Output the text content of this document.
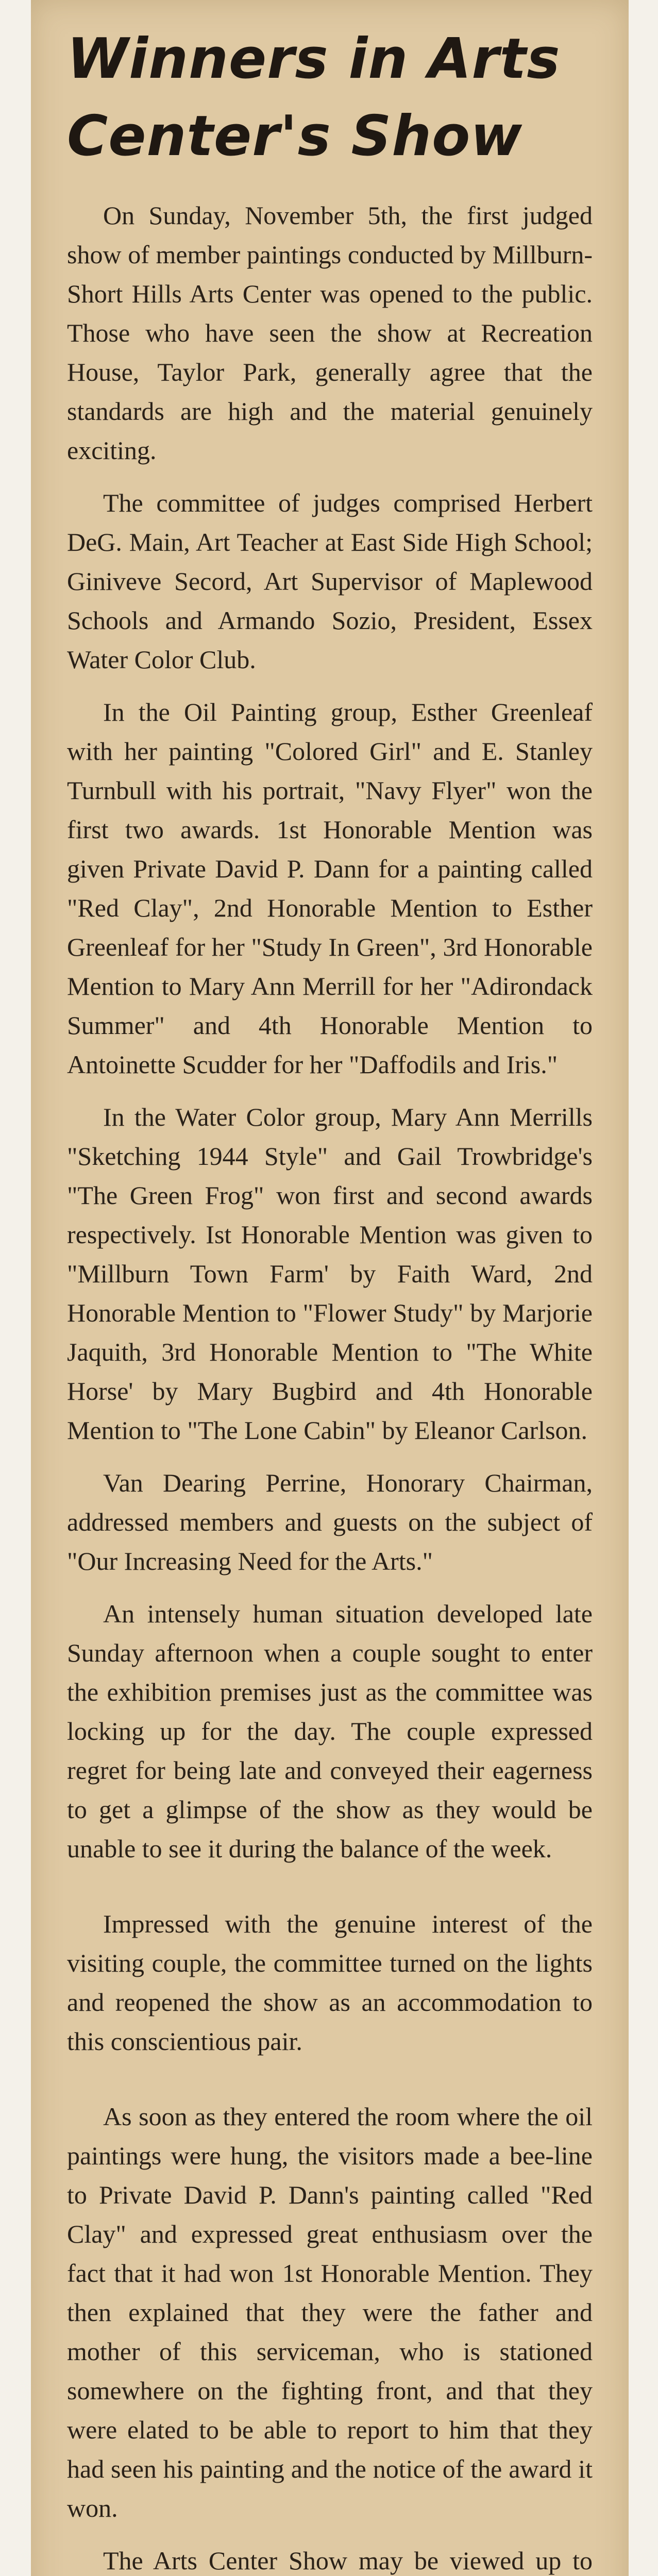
Winners in Arts
Center's Show

On Sunday, November 5th, the first judged show of member paintings conducted by Millburn-Short Hills Arts Center was opened to the public. Those who have seen the show at Recreation House, Taylor Park, generally agree that the standards are high and the material genuinely exciting.

The committee of judges comprised Herbert DeG. Main, Art Teacher at East Side High School; Giniveve Secord, Art Supervisor of Maplewood Schools and Armando Sozio, President, Essex Water Color Club.

In the Oil Painting group, Esther Greenleaf with her painting "Colored Girl" and E. Stanley Turnbull with his portrait, "Navy Flyer" won the first two awards. 1st Honorable Mention was given Private David P. Dann for a painting called "Red Clay", 2nd Honorable Mention to Esther Greenleaf for her "Study In Green", 3rd Honorable Mention to Mary Ann Merrill for her "Adirondack Summer" and 4th Honorable Mention to Antoinette Scudder for her "Daffodils and Iris."

In the Water Color group, Mary Ann Merrills "Sketching 1944 Style" and Gail Trowbridge's "The Green Frog" won first and second awards respectively. Ist Honorable Mention was given to "Millburn Town Farm' by Faith Ward, 2nd Honorable Mention to "Flower Study" by Marjorie Jaquith, 3rd Honorable Mention to "The White Horse' by Mary Bugbird and 4th Honorable Mention to "The Lone Cabin" by Eleanor Carlson.

Van Dearing Perrine, Honorary Chairman, addressed members and guests on the subject of "Our Increasing Need for the Arts."

An intensely human situation developed late Sunday afternoon when a couple sought to enter the exhibition premises just as the committee was locking up for the day. The couple expressed regret for being late and conveyed their eagerness to get a glimpse of the show as they would be unable to see it during the balance of the week.

Impressed with the genuine interest of the visiting couple, the committee turned on the lights and reopened the show as an accommodation to this conscientious pair.

As soon as they entered the room where the oil paintings were hung, the visitors made a bee-line to Private David P. Dann's painting called "Red Clay" and expressed great enthusiasm over the fact that it had won 1st Honorable Mention. They then explained that they were the father and mother of this serviceman, who is stationed somewhere on the fighting front, and that they were elated to be able to report to him that they had seen his painting and the notice of the award it won.

The Arts Center Show may be viewed up to
